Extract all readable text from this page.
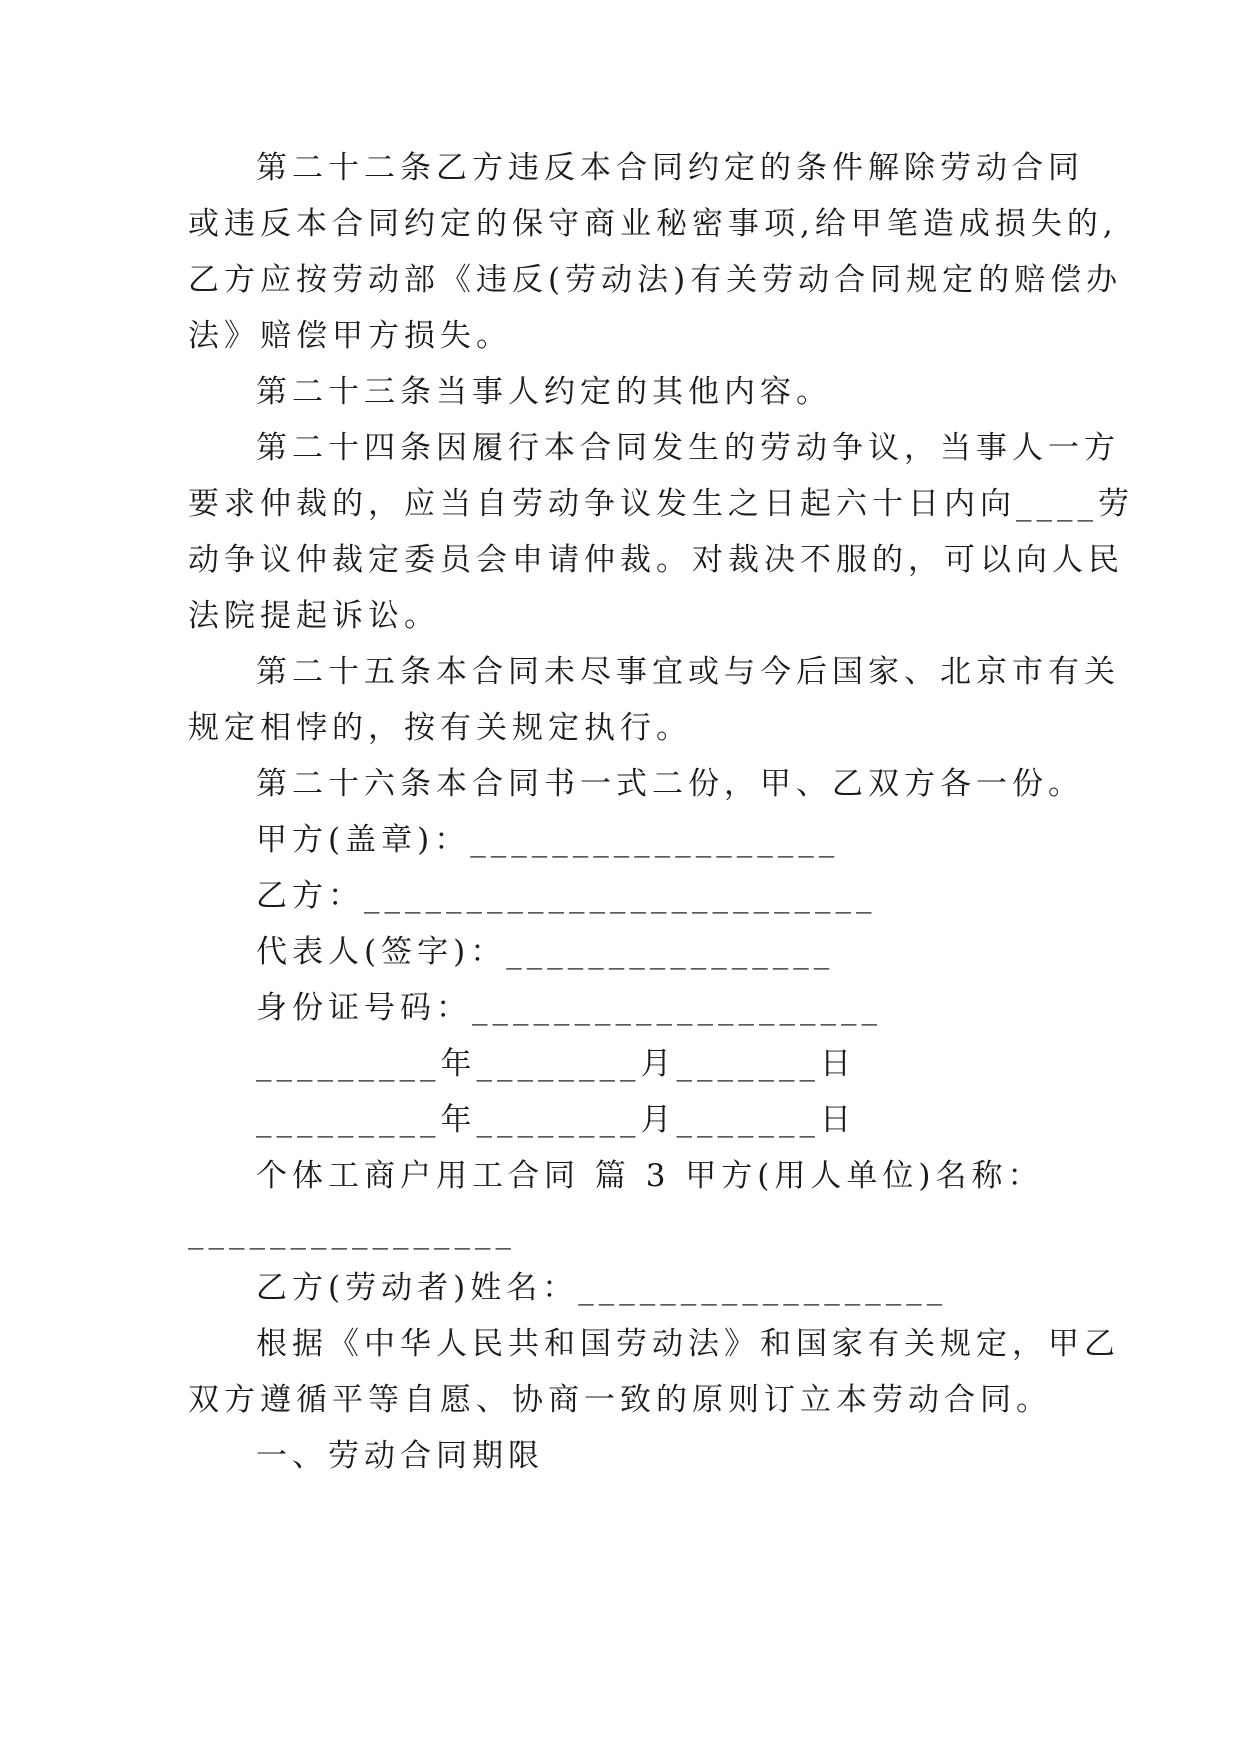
第二十二条乙方违反本合同约定的条件解除劳动合同
或违反本合同约定的保守商业秘密事项,给甲笔造成损失的,
乙方应按劳动部《违反(劳动法)有关劳动合同规定的赔偿办
法》赔偿甲方损失。
第二十三条当事人约定的其他内容。
第二十四条因履行本合同发生的劳动争议，当事人一方
要求仲裁的，应当自劳动争议发生之日起六十日内向____劳
动争议仲裁定委员会申请仲裁。对裁决不服的，可以向人民
法院提起诉讼。
第二十五条本合同未尽事宜或与今后国家、北京市有关
规定相悖的，按有关规定执行。
第二十六条本合同书一式二份，甲、乙双方各一份。
甲方(盖章)：__________________
乙方：_________________________
代表人(签字)：________________
身份证号码：____________________
_________年________月_______日
_________年________月_______日
个体工商户用工合同 篇 3 甲方(用人单位)名称：
________________
乙方(劳动者)姓名：__________________
根据《中华人民共和国劳动法》和国家有关规定，甲乙
双方遵循平等自愿、协商一致的原则订立本劳动合同。
一、劳动合同期限
